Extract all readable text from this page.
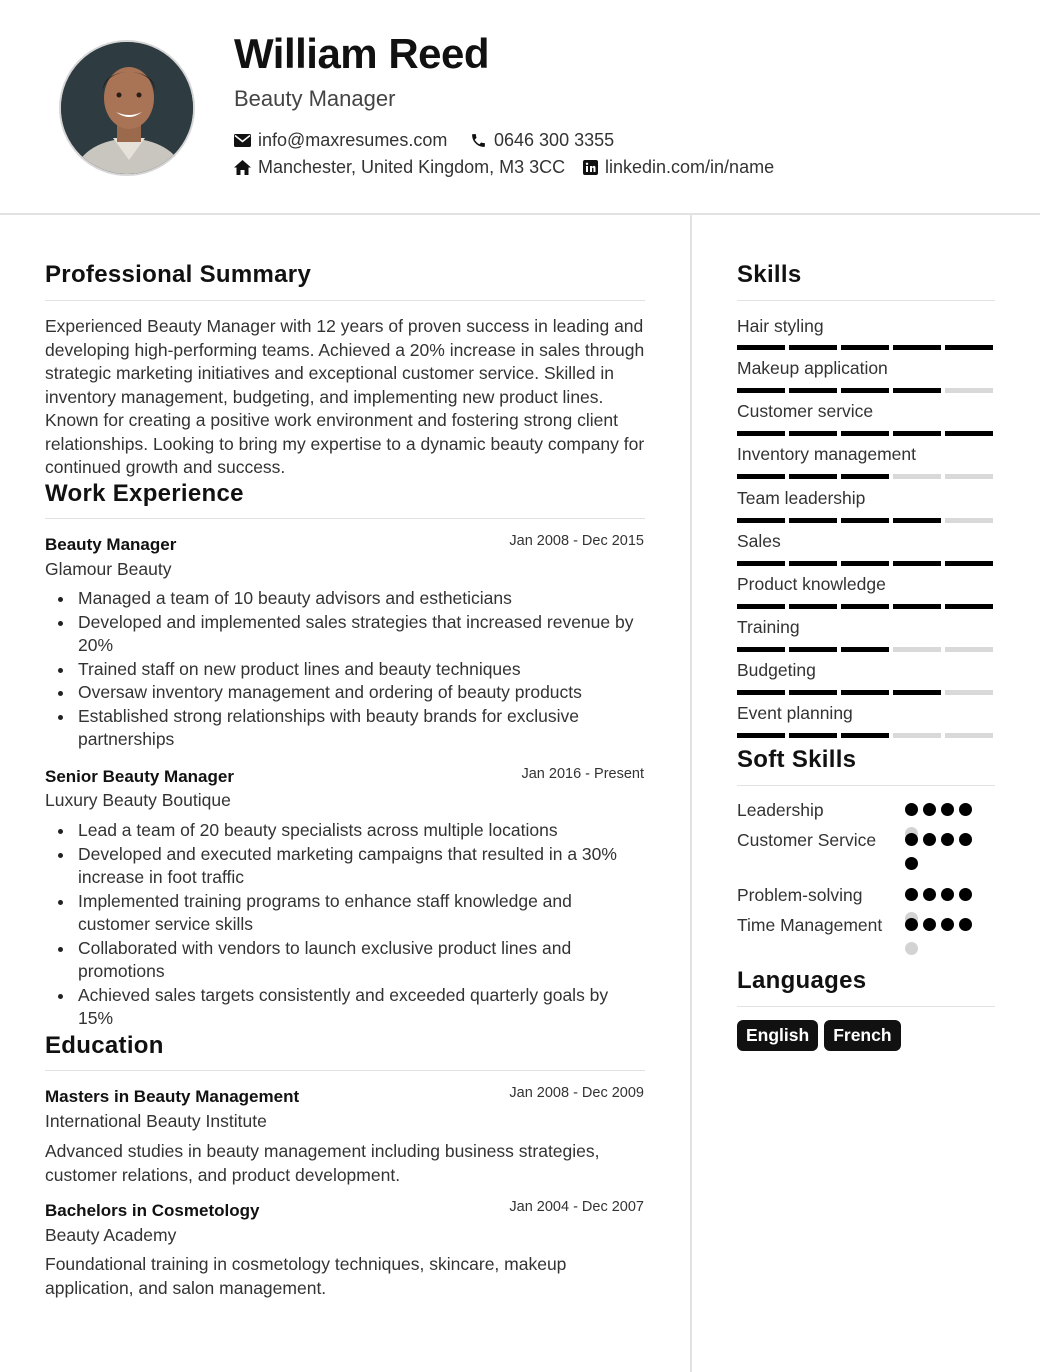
William Reed
Beauty Manager
info@maxresumes.com	0646 300 3355
Manchester, United Kingdom, M3 3CC linkedin.com/in/name
Professional Summary
Experienced Beauty Manager with 12 years of proven success in leading and developing high-performing teams. Achieved a 20% increase in sales through strategic marketing initiatives and exceptional customer service. Skilled in inventory management, budgeting, and implementing new product lines. Known for creating a positive work environment and fostering strong client relationships. Looking to bring my expertise to a dynamic beauty company for continued growth and success.
Work Experience
Beauty Manager	Jan 2008 - Dec 2015
Glamour Beauty
Managed a team of 10 beauty advisors and estheticians
Developed and implemented sales strategies that increased revenue by 20%
Trained staff on new product lines and beauty techniques
Oversaw inventory management and ordering of beauty products
Established strong relationships with beauty brands for exclusive partnerships
Senior Beauty Manager	Jan 2016 - Present
Luxury Beauty Boutique
Lead a team of 20 beauty specialists across multiple locations
Developed and executed marketing campaigns that resulted in a 30% increase in foot traffic
Implemented training programs to enhance staff knowledge and customer service skills
Collaborated with vendors to launch exclusive product lines and promotions
Achieved sales targets consistently and exceeded quarterly goals by 15%
Education
Masters in Beauty Management	Jan 2008 - Dec 2009
International Beauty Institute
Advanced studies in beauty management including business strategies, customer relations, and product development.
Bachelors in Cosmetology	Jan 2004 - Dec 2007
Beauty Academy
Foundational training in cosmetology techniques, skincare, makeup application, and salon management.
Skills
Hair styling
Makeup application
Customer service
Inventory management
Team leadership
Sales
Product knowledge
Training
Budgeting
Event planning
Soft Skills
Leadership
Customer Service
Problem-solving
Time Management
Languages
English	French
